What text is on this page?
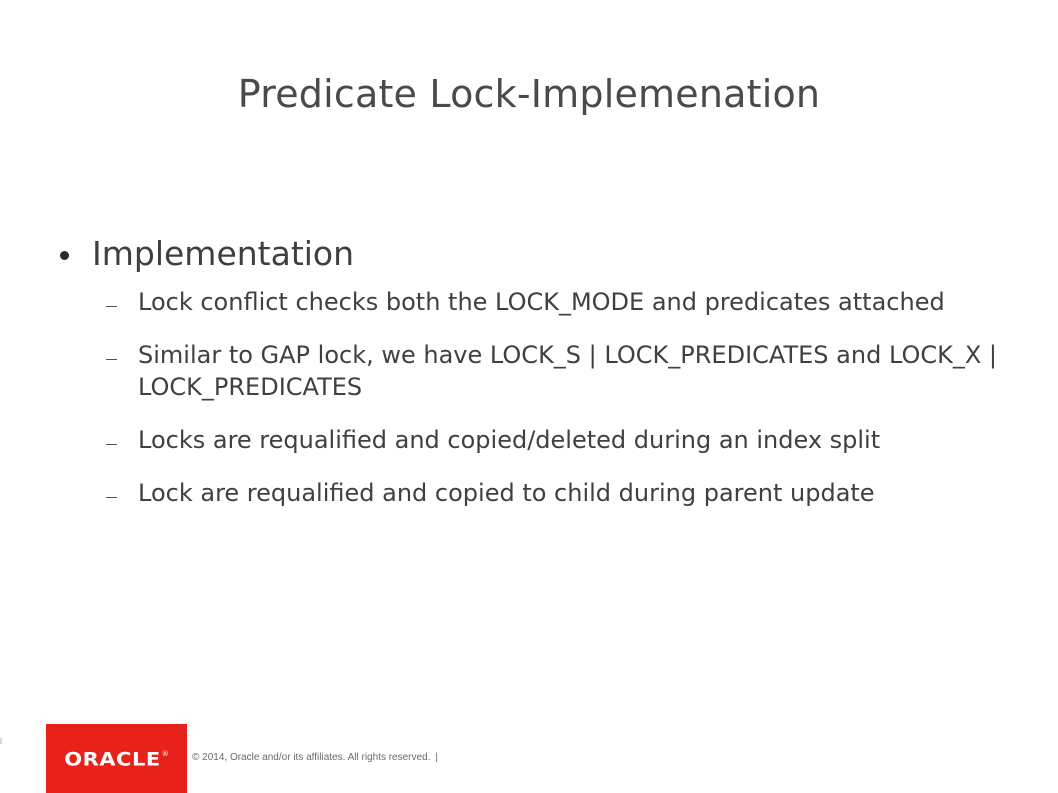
Predicate Lock-Implemenation
Implementation
Lock conflict checks both the LOCK_MODE and predicates attached
Similar to GAP lock, we have LOCK_S | LOCK_PREDICATES and LOCK_X | LOCK_PREDICATES
Locks are requalified and copied/deleted during an index split
Lock are requalified and copied to child during parent update
ORACLE ® © 2014, Oracle and/or its affiliates. All rights reserved. |
